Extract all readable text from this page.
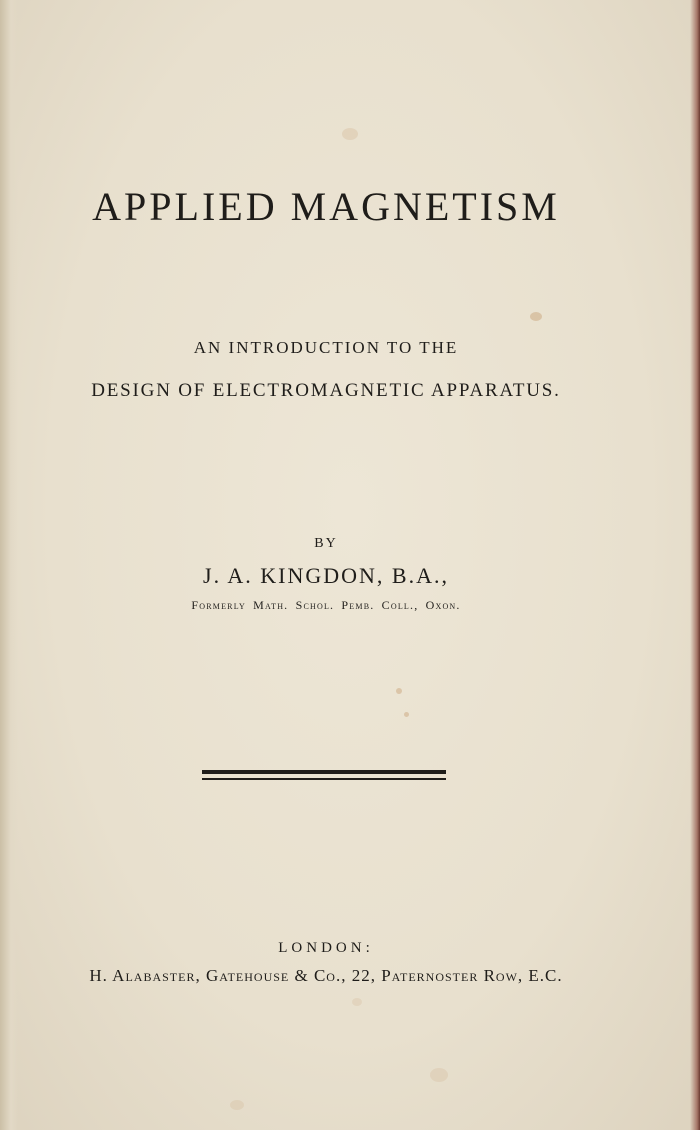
APPLIED MAGNETISM
AN INTRODUCTION TO THE
DESIGN OF ELECTROMAGNETIC APPARATUS.
BY
J. A. KINGDON, B.A.,
Formerly Math. Schol. Pemb. Coll., Oxon.
LONDON:
H. Alabaster, Gatehouse & Co., 22, Paternoster Row, E.C.
